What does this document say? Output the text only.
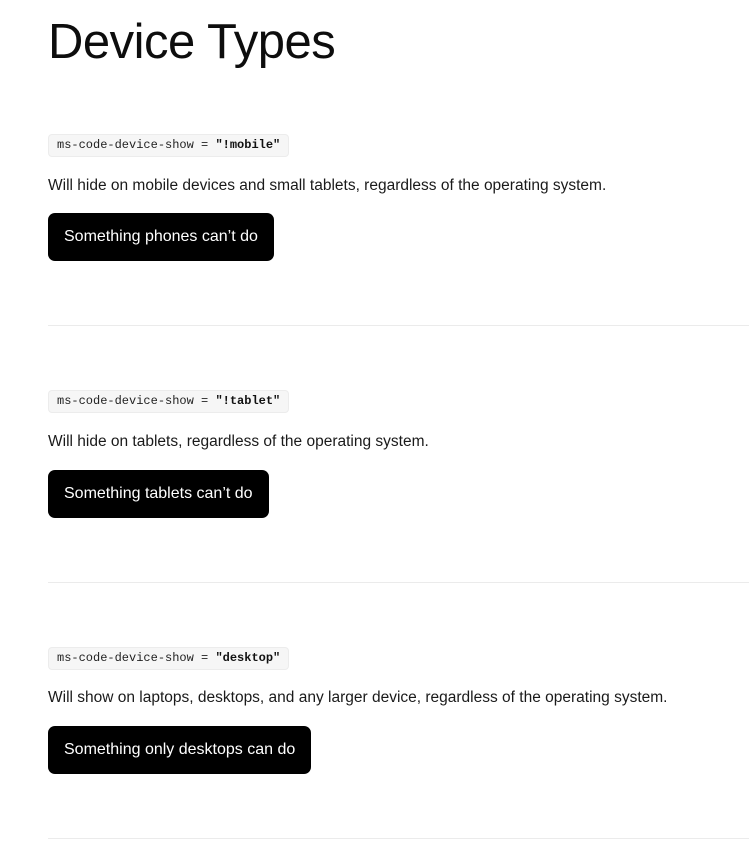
Device Types
ms-code-device-show = "!mobile"

Will hide on mobile devices and small tablets, regardless of the operating system.

Something phones can’t do
ms-code-device-show = "!tablet"

Will hide on tablets, regardless of the operating system.

Something tablets can’t do
ms-code-device-show = "desktop"

Will show on laptops, desktops, and any larger device, regardless of the operating system.

Something only desktops can do
